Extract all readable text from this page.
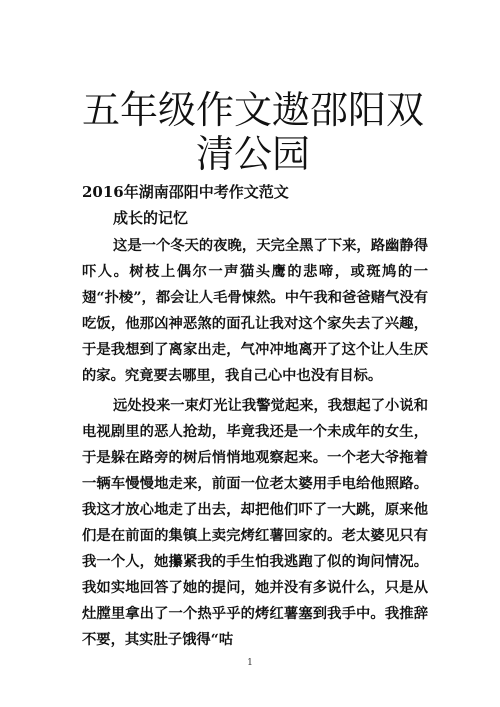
五年级作文遨邵阳双清公园

2016年湖南邵阳中考作文范文

成长的记忆

这是一个冬天的夜晚，天完全黑了下来，路幽静得吓人。树枝上偶尔一声猫头鹰的悲啼，或斑鸠的一翅“扑棱”，都会让人毛骨悚然。中午我和爸爸赌气没有吃饭，他那凶神恶煞的面孔让我对这个家失去了兴趣，于是我想到了离家出走，气冲冲地离开了这个让人生厌的家。究竟要去哪里，我自己心中也没有目标。

远处投来一束灯光让我警觉起来，我想起了小说和电视剧里的恶人抢劫，毕竟我还是一个未成年的女生，于是躲在路旁的树后悄悄地观察起来。一个老大爷拖着一辆车慢慢地走来，前面一位老太婆用手电给他照路。我这才放心地走了出去，却把他们吓了一大跳，原来他们是在前面的集镇上卖完烤红薯回家的。老太婆见只有我一个人，她攥紧我的手生怕我逃跑了似的询问情况。我如实地回答了她的提问，她并没有多说什么，只是从灶膛里拿出了一个热乎乎的烤红薯塞到我手中。我推辞不要，其实肚子饿得“咕

1
